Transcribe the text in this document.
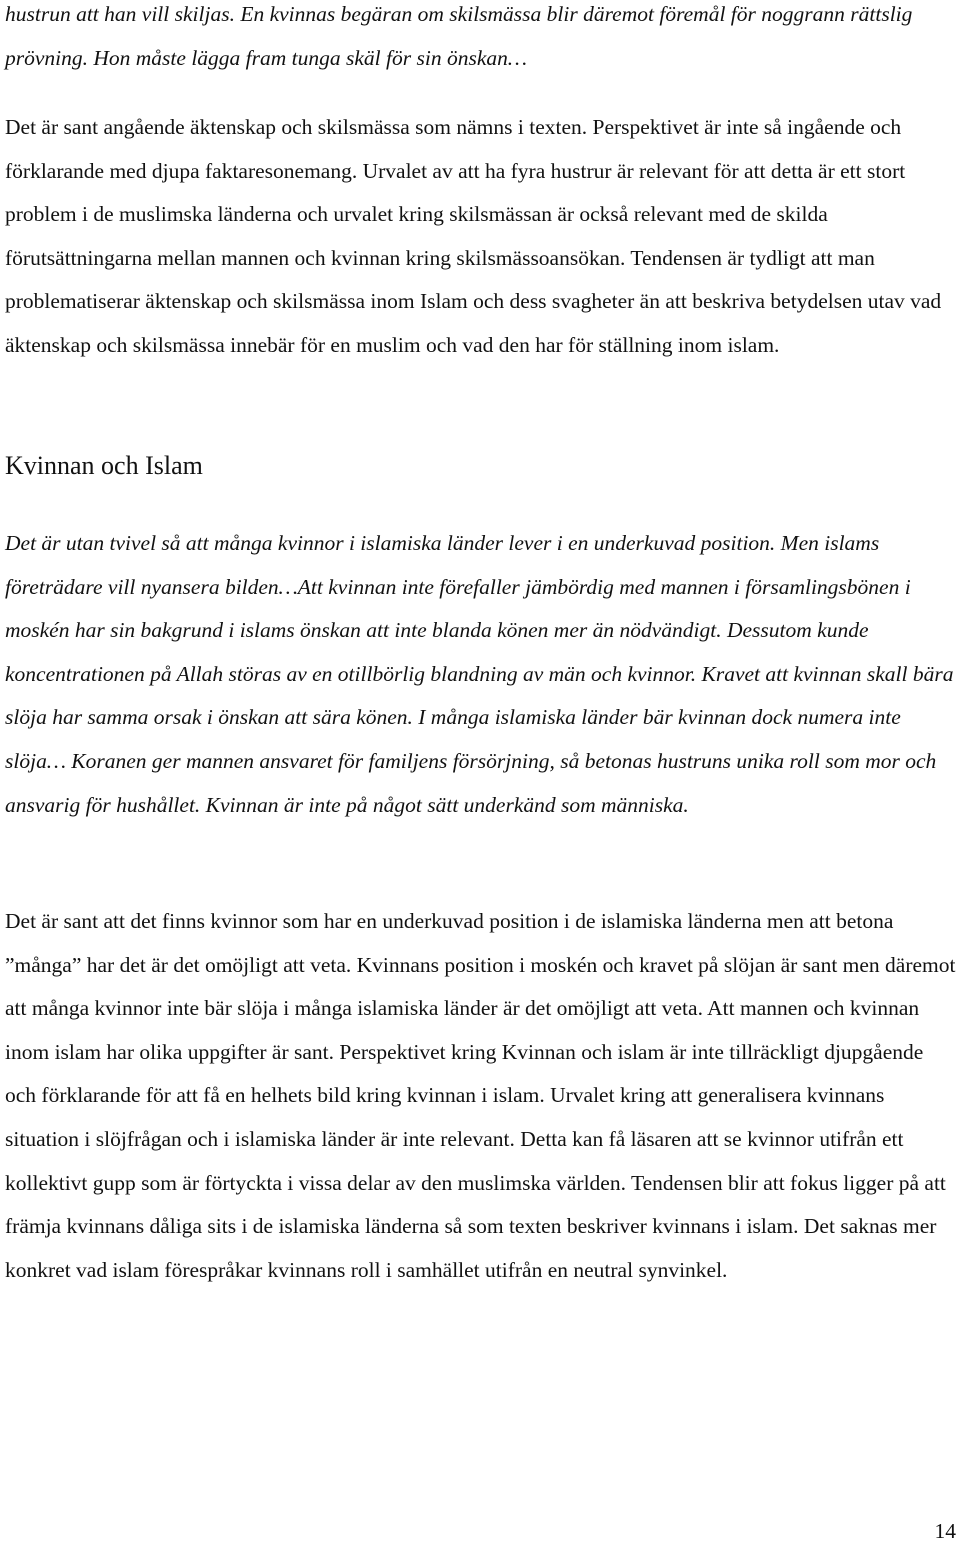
hustrun att han vill skiljas. En kvinnas begäran om skilsmässa blir däremot föremål för noggrann rättslig prövning. Hon måste lägga fram tunga skäl för sin önskan…

Det är sant angående äktenskap och skilsmässa som nämns i texten. Perspektivet är inte så ingående och förklarande med djupa faktaresonemang. Urvalet av att ha fyra hustrur är relevant för att detta är ett stort problem i de muslimska länderna och urvalet kring skilsmässan är också relevant med de skilda förutsättningarna mellan mannen och kvinnan kring skilsmässoansökan. Tendensen är tydligt att man problematiserar äktenskap och skilsmässa inom Islam och dess svagheter än att beskriva betydelsen utav vad äktenskap och skilsmässa innebär för en muslim och vad den har för ställning inom islam.

Kvinnan och Islam

Det är utan tvivel så att många kvinnor i islamiska länder lever i en underkuvad position. Men islams företrädare vill nyansera bilden…Att kvinnan inte förefaller jämbördig med mannen i församlingsbönen i moskén har sin bakgrund i islams önskan att inte blanda könen mer än nödvändigt. Dessutom kunde koncentrationen på Allah störas av en otillbörlig blandning av män och kvinnor. Kravet att kvinnan skall bära slöja har samma orsak i önskan att sära könen. I många islamiska länder bär kvinnan dock numera inte slöja… Koranen ger mannen ansvaret för familjens försörjning, så betonas hustruns unika roll som mor och ansvarig för hushållet. Kvinnan är inte på något sätt underkänd som människa.

Det är sant att det finns kvinnor som har en underkuvad position i de islamiska länderna men att betona ”många” har det är det omöjligt att veta. Kvinnans position i moskén och kravet på slöjan är sant men däremot att många kvinnor inte bär slöja i många islamiska länder är det omöjligt att veta. Att mannen och kvinnan inom islam har olika uppgifter är sant. Perspektivet kring Kvinnan och islam är inte tillräckligt djupgående och förklarande för att få en helhets bild kring kvinnan i islam. Urvalet kring att generalisera kvinnans situation i slöjfrågan och i islamiska länder är inte relevant. Detta kan få läsaren att se kvinnor utifrån ett kollektivt gupp som är förtyckta i vissa delar av den muslimska världen. Tendensen blir att fokus ligger på att främja kvinnans dåliga sits i de islamiska länderna så som texten beskriver kvinnans i islam. Det saknas mer konkret vad islam förespråkar kvinnans roll i samhället utifrån en neutral synvinkel.

14
